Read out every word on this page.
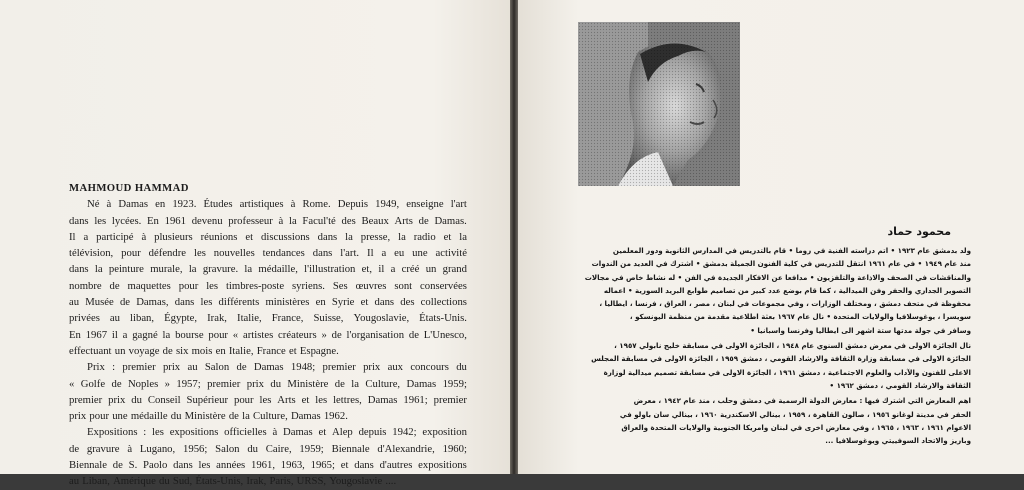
MAHMOUD HAMMAD
Né à Damas en 1923. Études artistiques à Rome. Depuis 1949, enseigne l'art
dans les lycées. En 1961 devenu professeur à la Facul'té des Beaux Arts de Damas.
Il a participé à plusieurs réunions et discussions dans la presse, la radio et la
télévision, pour défendre les nouvelles tendances dans l'art. Il a eu une activité
dans la peinture murale, la gravure. la médaille, l'illustration et, il a créé un grand
nombre de maquettes pour les timbres-poste syriens. Ses œuvres sont conservées
au Musée de Damas, dans les différents ministères en Syrie et dans des collections
privées au liban, Égypte, Irak, Italie, France, Suisse, Yougoslavie, États-Unis.
En 1967 il a gagné la bourse pour « artistes créateurs » de l'organisation de L'Unesco,
effectuant un voyage de six mois en Italie, France et Espagne.
Prix : premier prix au Salon de Damas 1948; premier prix aux concours du
« Golfe de Noples » 1957; premier prix du Ministère de la Culture, Damas 1959;
premier prix du Conseil Supérieur pour les Arts et les lettres, Damas 1961; premier
prix pour une médaille du Ministère de la Culture, Damas 1962.
Expositions : les expositions officielles à Damas et Alep depuis 1942; exposition
de gravure à Lugano, 1956; Salon du Caire, 1959; Biennale d'Alexandrie, 1960;
Biennale de S. Paolo dans les années 1961, 1963, 1965; et dans d'autres expositions
au Liban, Amérique du Sud, États-Unis, Irak, Paris, URSS, Yougoslavie ....
محمود حماد
ولد بدمشق عام ١٩٢٣ • اتم دراسته الفنية في روما • قام بالتدريس في المدارس الثانوية ودور المعلمين
منذ عام ١٩٤٩ • في عام ١٩٦١ انتقل للتدريس في كلية الفنون الجميلة بدمشق • اشترك في العديد من الندوات
والمناقشات في الصحف والاذاعة والتلفزيون • مدافعا عن الافكار الجديدة في الفن • له نشاط خاص في مجالات
التصوير الجداري والحفر وفن الميدالية ، كما قام بوضع عدد كبير من تصاميم طوابع البريد السورية • اعماله
محفوظة في متحف دمشق ، ومختلف الوزارات ، وفي مجموعات في لبنان ، مصر ، العراق ، فرنسا ، ايطاليا ،
سويسرا ، يوغوسلافيا والولايات المتحدة • نال عام ١٩٦٧ بعثة اطلاعية مقدمة من منظمة اليونسكو ،
وسافر في جولة مدتها ستة اشهر الى ايطاليا وفرنسا واسبانيا •
نال الجائزة الاولى في معرض دمشق السنوي عام ١٩٤٨ ، الجائزة الاولى في مسابقة خليج نابولي ١٩٥٧ ،
الجائزة الاولى في مسابقة وزارة الثقافة والارشاد القومي ، دمشق ١٩٥٩ ، الجائزة الاولى في مسابقة المجلس
الاعلى للفنون والآداب والعلوم الاجتماعية ، دمشق ١٩٦١ ، الجائزة الاولى في مسابقة تصميم ميدالية لوزارة
الثقافة والارشاد القومي ، دمشق ١٩٦٢ •
اهم المعارض التي اشترك فيها : معارض الدولة الرسمية في دمشق وحلب ، منذ عام ١٩٤٢ ، معرض
الحفر في مدينة لوغانو ١٩٥٦ ، صالون القاهرة ، ١٩٥٩ ، بينالي الاسكندرية ١٩٦٠ ، بينالي سان باولو في
الاعوام ١٩٦١ ، ١٩٦٣ ، ١٩٦٥ ، وفي معارض اخرى في لبنان وامريكا الجنوبية والولايات المتحدة والعراق
وباريز والاتحاد السوفييتي ويوغوسلافيا ...
